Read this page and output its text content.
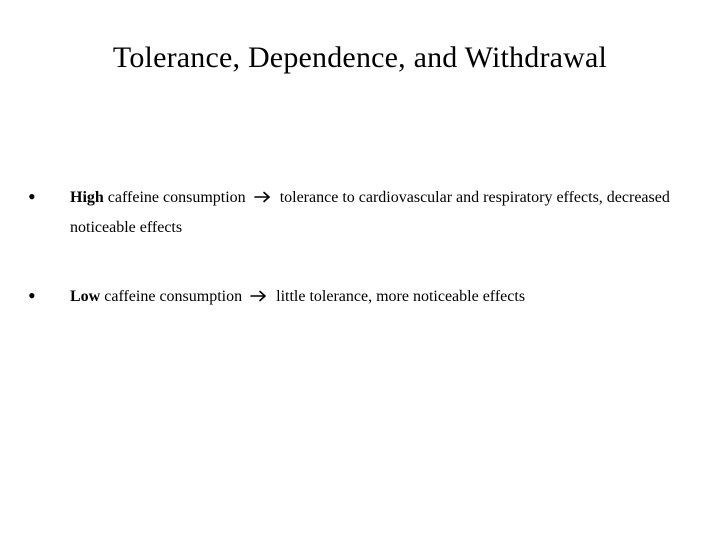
Tolerance, Dependence, and Withdrawal
• High caffeine consumption tolerance to cardiovascular and respiratory effects, decreased noticeable effects
• Low caffeine consumption little tolerance, more noticeable effects
